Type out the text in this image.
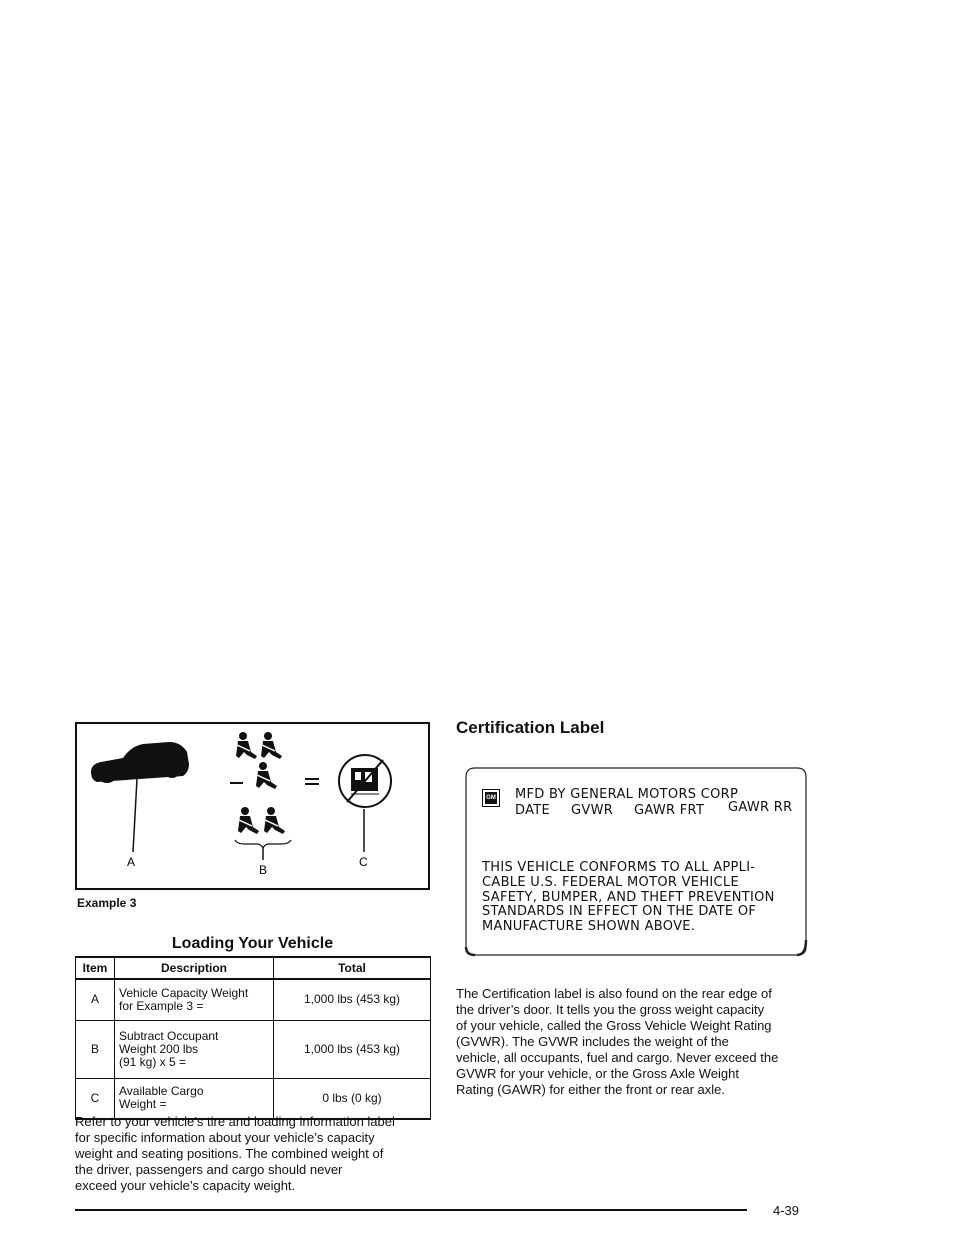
A
B
C
Example 3
Loading Your Vehicle
Item	Description	Total
A	Vehicle Capacity Weight
for Example 3 =	1,000 lbs (453 kg)
B	Subtract Occupant
Weight 200 lbs
(91 kg) x 5 =	1,000 lbs (453 kg)
C	Available Cargo
Weight =	0 lbs (0 kg)
Refer to your vehicle’s tire and loading information label
for specific information about your vehicle’s capacity
weight and seating positions. The combined weight of
the driver, passengers and cargo should never
exceed your vehicle’s capacity weight.
Certification Label
GM MFD BY GENERAL MOTORS CORP
DATE GVWR GAWR FRT GAWR RR
THIS VEHICLE CONFORMS TO ALL APPLI-
CABLE U.S. FEDERAL MOTOR VEHICLE
SAFETY, BUMPER, AND THEFT PREVENTION
STANDARDS IN EFFECT ON THE DATE OF
MANUFACTURE SHOWN ABOVE.
The Certification label is also found on the rear edge of
the driver’s door. It tells you the gross weight capacity
of your vehicle, called the Gross Vehicle Weight Rating
(GVWR). The GVWR includes the weight of the
vehicle, all occupants, fuel and cargo. Never exceed the
GVWR for your vehicle, or the Gross Axle Weight
Rating (GAWR) for either the front or rear axle.
4-39
